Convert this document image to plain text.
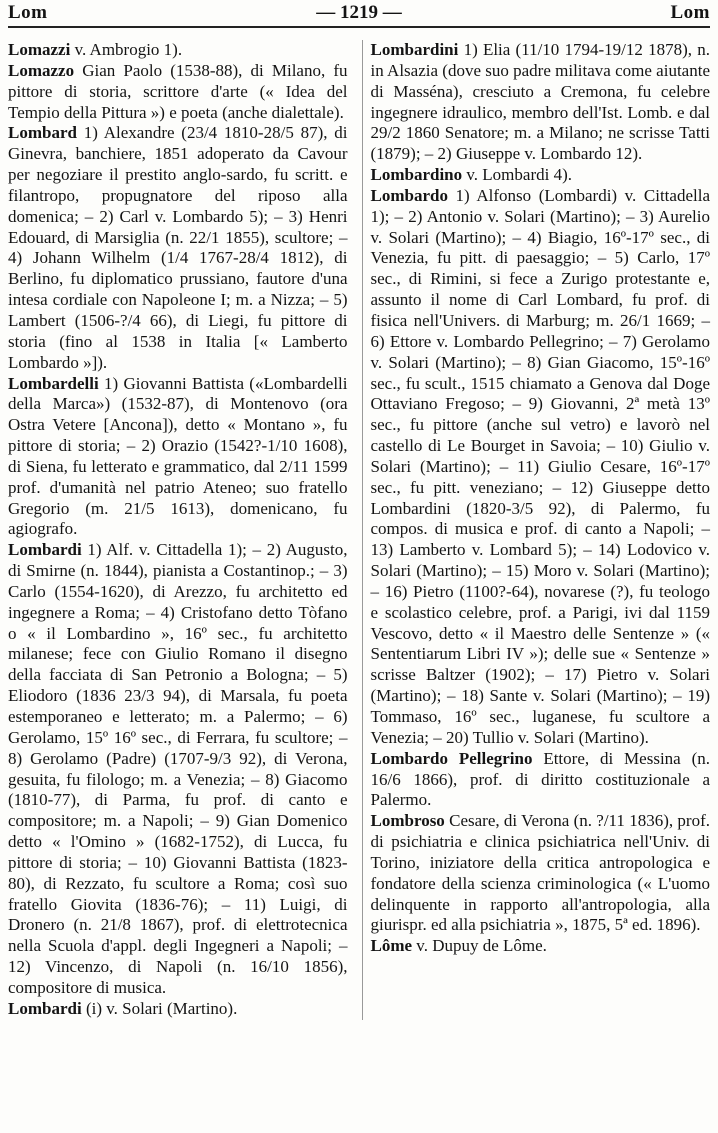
Lom	— 1219 —	Lom

Lomazzi v. Ambrogio 1).

Lomazzo Gian Paolo (1538-88), di Milano, fu pittore di storia, scrittore d'arte (« Idea del Tempio della Pittura ») e poeta (anche dialettale).

Lombard 1) Alexandre (23/4 1810-28/5 87), di Ginevra, banchiere, 1851 adoperato da Cavour per negoziare il prestito anglo-sardo, fu scritt. e filantropo, propugnatore del riposo alla domenica; – 2) Carl v. Lombardo 5); – 3) Henri Edouard, di Marsiglia (n. 22/1 1855), scultore; – 4) Johann Wilhelm (1/4 1767-28/4 1812), di Berlino, fu diplomatico prussiano, fautore d'una intesa cordiale con Napoleone I; m. a Nizza; – 5) Lambert (1506-?/4 66), di Liegi, fu pittore di storia (fino al 1538 in Italia [« Lamberto Lombardo »]).

Lombardelli 1) Giovanni Battista («Lombardelli della Marca») (1532-87), di Montenovo (ora Ostra Vetere [Ancona]), detto « Montano », fu pittore di storia; – 2) Orazio (1542?-1/10 1608), di Siena, fu letterato e grammatico, dal 2/11 1599 prof. d'umanità nel patrio Ateneo; suo fratello Gregorio (m. 21/5 1613), domenicano, fu agiografo.

Lombardi 1) Alf. v. Cittadella 1); – 2) Augusto, di Smirne (n. 1844), pianista a Costantinop.; – 3) Carlo (1554-1620), di Arezzo, fu architetto ed ingegnere a Roma; – 4) Cristofano detto Tòfano o « il Lombardino », 16º sec., fu architetto milanese; fece con Giulio Romano il disegno della facciata di San Petronio a Bologna; – 5) Eliodoro (1836 23/3 94), di Marsala, fu poeta estemporaneo e letterato; m. a Palermo; – 6) Gerolamo, 15º 16º sec., di Ferrara, fu scultore; – 8) Gerolamo (Padre) (1707-9/3 92), di Verona, gesuita, fu filologo; m. a Venezia; – 8) Giacomo (1810-77), di Parma, fu prof. di canto e compositore; m. a Napoli; – 9) Gian Domenico detto « l'Omino » (1682-1752), di Lucca, fu pittore di storia; – 10) Giovanni Battista (1823-80), di Rezzato, fu scultore a Roma; così suo fratello Giovita (1836-76); – 11) Luigi, di Dronero (n. 21/8 1867), prof. di elettrotecnica nella Scuola d'appl. degli Ingegneri a Napoli; – 12) Vincenzo, di Napoli (n. 16/10 1856), compositore di musica.

Lombardi (i) v. Solari (Martino).

Lombardini 1) Elia (11/10 1794-19/12 1878), n. in Alsazia (dove suo padre militava come aiutante di Masséna), cresciuto a Cremona, fu celebre ingegnere idraulico, membro dell'Ist. Lomb. e dal 29/2 1860 Senatore; m. a Milano; ne scrisse Tatti (1879); – 2) Giuseppe v. Lombardo 12).

Lombardino v. Lombardi 4).

Lombardo 1) Alfonso (Lombardi) v. Cittadella 1); – 2) Antonio v. Solari (Martino); – 3) Aurelio v. Solari (Martino); – 4) Biagio, 16º-17º sec., di Venezia, fu pitt. di paesaggio; – 5) Carlo, 17º sec., di Rimini, si fece a Zurigo protestante e, assunto il nome di Carl Lombard, fu prof. di fisica nell'Univers. di Marburg; m. 26/1 1669; – 6) Ettore v. Lombardo Pellegrino; – 7) Gerolamo v. Solari (Martino); – 8) Gian Giacomo, 15º-16º sec., fu scult., 1515 chiamato a Genova dal Doge Ottaviano Fregoso; – 9) Giovanni, 2ª metà 13º sec., fu pittore (anche sul vetro) e lavorò nel castello di Le Bourget in Savoia; – 10) Giulio v. Solari (Martino); – 11) Giulio Cesare, 16º-17º sec., fu pitt. veneziano; – 12) Giuseppe detto Lombardini (1820-3/5 92), di Palermo, fu compos. di musica e prof. di canto a Napoli; – 13) Lamberto v. Lombard 5); – 14) Lodovico v. Solari (Martino); – 15) Moro v. Solari (Martino); – 16) Pietro (1100?-64), novarese (?), fu teologo e scolastico celebre, prof. a Parigi, ivi dal 1159 Vescovo, detto « il Maestro delle Sentenze » (« Sententiarum Libri IV »); delle sue « Sentenze » scrisse Baltzer (1902); – 17) Pietro v. Solari (Martino); – 18) Sante v. Solari (Martino); – 19) Tommaso, 16º sec., luganese, fu scultore a Venezia; – 20) Tullio v. Solari (Martino).

Lombardo Pellegrino Ettore, di Messina (n. 16/6 1866), prof. di diritto costituzionale a Palermo.

Lombroso Cesare, di Verona (n. ?/11 1836), prof. di psichiatria e clinica psichiatrica nell'Univ. di Torino, iniziatore della critica antropologica e fondatore della scienza criminologica (« L'uomo delinquente in rapporto all'antropologia, alla giurispr. ed alla psichiatria », 1875, 5ª ed. 1896).

Lôme v. Dupuy de Lôme.
